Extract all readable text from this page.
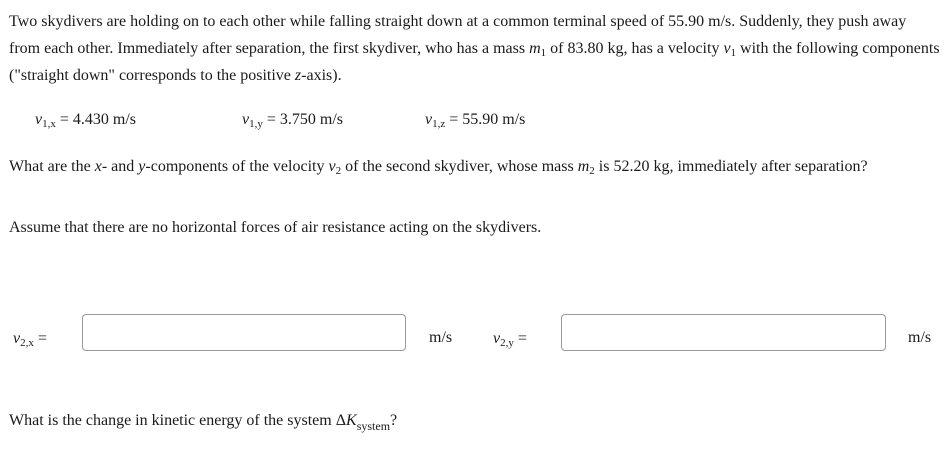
Two skydivers are holding on to each other while falling straight down at a common terminal speed of 55.90 m/s. Suddenly, they push away from each other. Immediately after separation, the first skydiver, who has a mass $m_1$ of 83.80 kg, has a velocity $v_1$ with the following components ("straight down" corresponds to the positive z-axis).
$v_{1,x} = 4.430$ m/s	$v_{1,y} = 3.750$ m/s	$v_{1,z} = 55.90$ m/s
What are the x- and y-components of the velocity $v_2$ of the second skydiver, whose mass $m_2$ is 52.20 kg, immediately after separation?
Assume that there are no horizontal forces of air resistance acting on the skydivers.
$v_{2,x}$ =	m/s	$v_{2,y}$ =	m/s
What is the change in kinetic energy of the system $\Delta K_{system}$?
